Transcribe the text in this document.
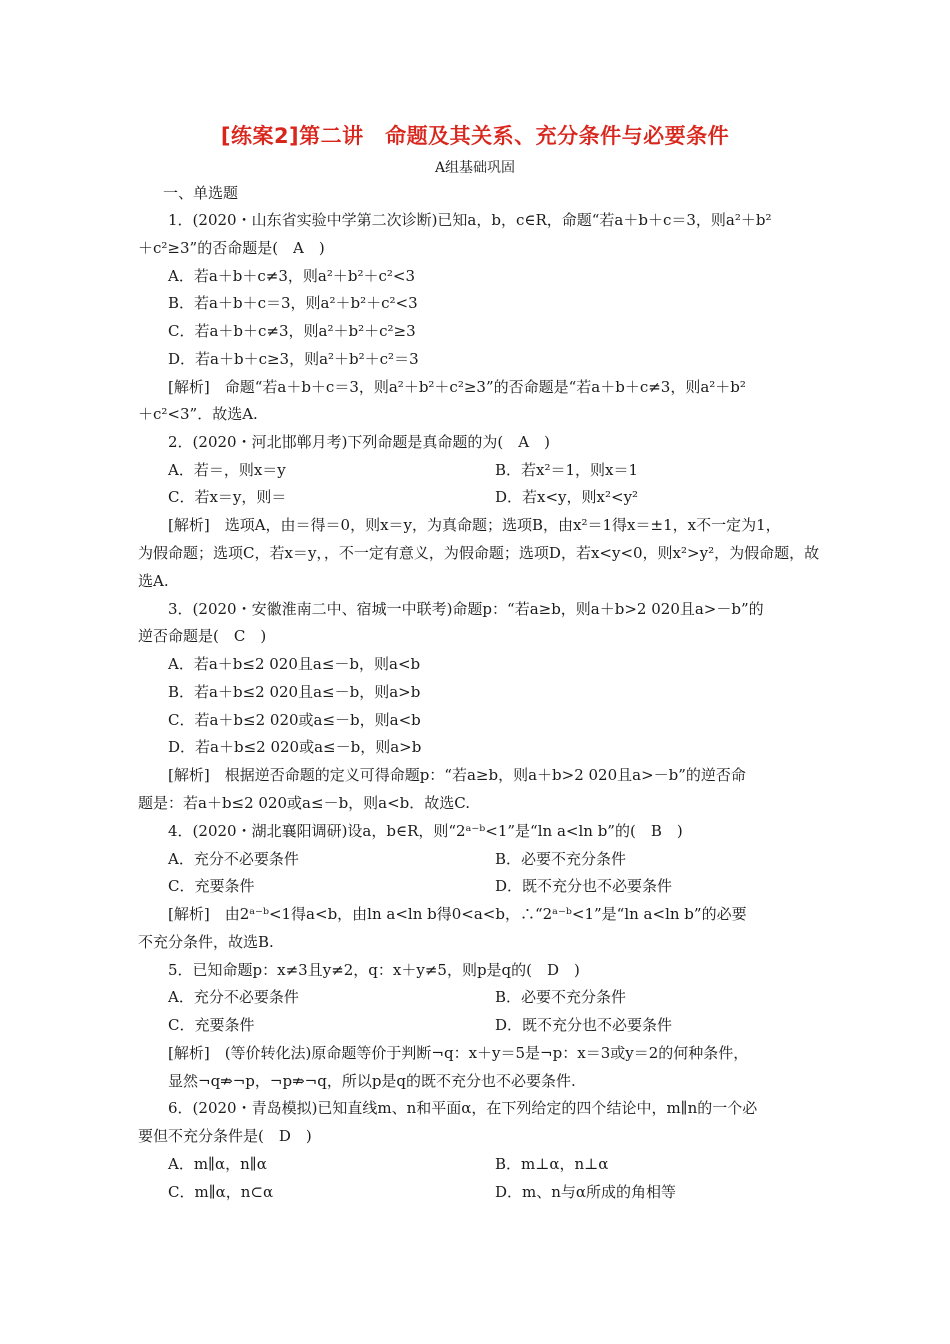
[练案2]第二讲　命题及其关系、充分条件与必要条件
A组基础巩固
一、单选题
1．(2020・山东省实验中学第二次诊断)已知a，b，c∈R，命题“若a＋b＋c＝3，则a²＋b²
＋c²≥3”的否命题是(　A　)
A．若a＋b＋c≠3，则a²＋b²＋c²<3
B．若a＋b＋c＝3，则a²＋b²＋c²<3
C．若a＋b＋c≠3，则a²＋b²＋c²≥3
D．若a＋b＋c≥3，则a²＋b²＋c²＝3
[解析]　命题“若a＋b＋c＝3，则a²＋b²＋c²≥3”的否命题是“若a＋b＋c≠3，则a²＋b²
＋c²<3”．故选A.
2．(2020・河北邯郸月考)下列命题是真命题的为(　A　)
A．若＝，则x＝y	B．若x²＝1，则x＝1
C．若x＝y，则＝	D．若x<y，则x²<y²
[解析]　选项A，由＝得＝0，则x＝y，为真命题；选项B，由x²＝1得x＝±1，x不一定为1，
为假命题；选项C，若x＝y，，不一定有意义，为假命题；选项D，若x<y<0，则x²>y²，为假命题，故
选A.
3．(2020・安徽淮南二中、宿城一中联考)命题p：“若a≥b，则a＋b>2 020且a>－b”的
逆否命题是(　C　)
A．若a＋b≤2 020且a≤－b，则a<b
B．若a＋b≤2 020且a≤－b，则a>b
C．若a＋b≤2 020或a≤－b，则a<b
D．若a＋b≤2 020或a≤－b，则a>b
[解析]　根据逆否命题的定义可得命题p：“若a≥b，则a＋b>2 020且a>－b”的逆否命
题是：若a＋b≤2 020或a≤－b，则a<b．故选C.
4．(2020・湖北襄阳调研)设a，b∈R，则“2ᵃ⁻ᵇ<1”是“ln a<ln b”的(　B　)
A．充分不必要条件	B．必要不充分条件
C．充要条件	D．既不充分也不必要条件
[解析]　由2ᵃ⁻ᵇ<1得a<b，由ln a<ln b得0<a<b，∴“2ᵃ⁻ᵇ<1”是“ln a<ln b”的必要
不充分条件，故选B.
5．已知命题p：x≠3且y≠2，q：x＋y≠5，则p是q的(　D　)
A．充分不必要条件	B．必要不充分条件
C．充要条件	D．既不充分也不必要条件
[解析]　(等价转化法)原命题等价于判断¬q：x＋y＝5是¬p：x＝3或y＝2的何种条件，
显然¬q⇏¬p，¬p⇏¬q，所以p是q的既不充分也不必要条件.
6．(2020・青岛模拟)已知直线m、n和平面α，在下列给定的四个结论中，m∥n的一个必
要但不充分条件是(　D　)
A．m∥α，n∥α	B．m⊥α，n⊥α
C．m∥α，n⊂α	D．m、n与α所成的角相等
